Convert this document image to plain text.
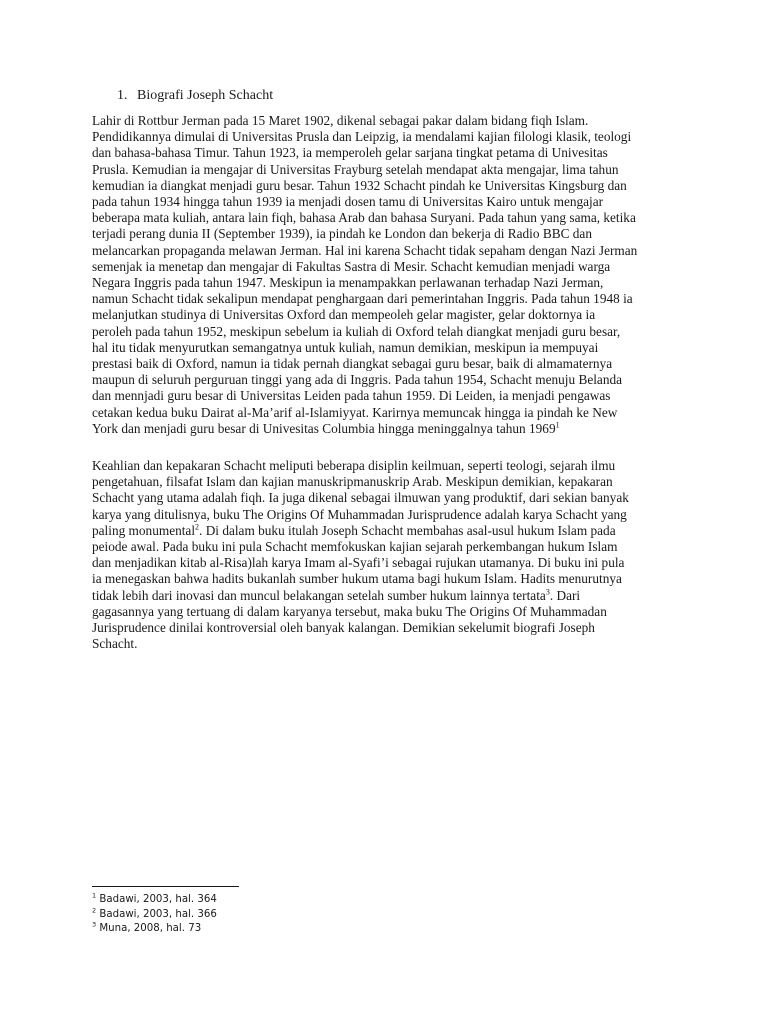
1. Biografi Joseph Schacht
Lahir di Rottbur Jerman pada 15 Maret 1902, dikenal sebagai pakar dalam bidang fiqh Islam.
Pendidikannya dimulai di Universitas Prusla dan Leipzig, ia mendalami kajian filologi klasik, teologi
dan bahasa-bahasa Timur. Tahun 1923, ia memperoleh gelar sarjana tingkat petama di Univesitas
Prusla. Kemudian ia mengajar di Universitas Frayburg setelah mendapat akta mengajar, lima tahun
kemudian ia diangkat menjadi guru besar. Tahun 1932 Schacht pindah ke Universitas Kingsburg dan
pada tahun 1934 hingga tahun 1939 ia menjadi dosen tamu di Universitas Kairo untuk mengajar
beberapa mata kuliah, antara lain fiqh, bahasa Arab dan bahasa Suryani. Pada tahun yang sama, ketika
terjadi perang dunia II (September 1939), ia pindah ke London dan bekerja di Radio BBC dan
melancarkan propaganda melawan Jerman. Hal ini karena Schacht tidak sepaham dengan Nazi Jerman
semenjak ia menetap dan mengajar di Fakultas Sastra di Mesir. Schacht kemudian menjadi warga
Negara Inggris pada tahun 1947. Meskipun ia menampakkan perlawanan terhadap Nazi Jerman,
namun Schacht tidak sekalipun mendapat penghargaan dari pemerintahan Inggris. Pada tahun 1948 ia
melanjutkan studinya di Universitas Oxford dan mempeoleh gelar magister, gelar doktornya ia
peroleh pada tahun 1952, meskipun sebelum ia kuliah di Oxford telah diangkat menjadi guru besar,
hal itu tidak menyurutkan semangatnya untuk kuliah, namun demikian, meskipun ia mempuyai
prestasi baik di Oxford, namun ia tidak pernah diangkat sebagai guru besar, baik di almamaternya
maupun di seluruh perguruan tinggi yang ada di Inggris. Pada tahun 1954, Schacht menuju Belanda
dan mennjadi guru besar di Universitas Leiden pada tahun 1959. Di Leiden, ia menjadi pengawas
cetakan kedua buku Dairat al-Ma’arif al-Islamiyyat. Karirnya memuncak hingga ia pindah ke New
York dan menjadi guru besar di Univesitas Columbia hingga meninggalnya tahun 1969$^1$
Keahlian dan kepakaran Schacht meliputi beberapa disiplin keilmuan, seperti teologi, sejarah ilmu
pengetahuan, filsafat Islam dan kajian manuskripmanuskrip Arab. Meskipun demikian, kepakaran
Schacht yang utama adalah fiqh. Ia juga dikenal sebagai ilmuwan yang produktif, dari sekian banyak
karya yang ditulisnya, buku The Origins Of Muhammadan Jurisprudence adalah karya Schacht yang
paling monumental$^2$. Di dalam buku itulah Joseph Schacht membahas asal-usul hukum Islam pada
peiode awal. Pada buku ini pula Schacht memfokuskan kajian sejarah perkembangan hukum Islam
dan menjadikan kitab al-Risa)lah karya Imam al-Syafi’i sebagai rujukan utamanya. Di buku ini pula
ia menegaskan bahwa hadits bukanlah sumber hukum utama bagi hukum Islam. Hadits menurutnya
tidak lebih dari inovasi dan muncul belakangan setelah sumber hukum lainnya tertata$^3$. Dari
gagasannya yang tertuang di dalam karyanya tersebut, maka buku The Origins Of Muhammadan
Jurisprudence dinilai kontroversial oleh banyak kalangan. Demikian sekelumit biografi Joseph
Schacht.
$^1$ Badawi, 2003, hal. 364
$^2$ Badawi, 2003, hal. 366
$^3$ Muna, 2008, hal. 73
